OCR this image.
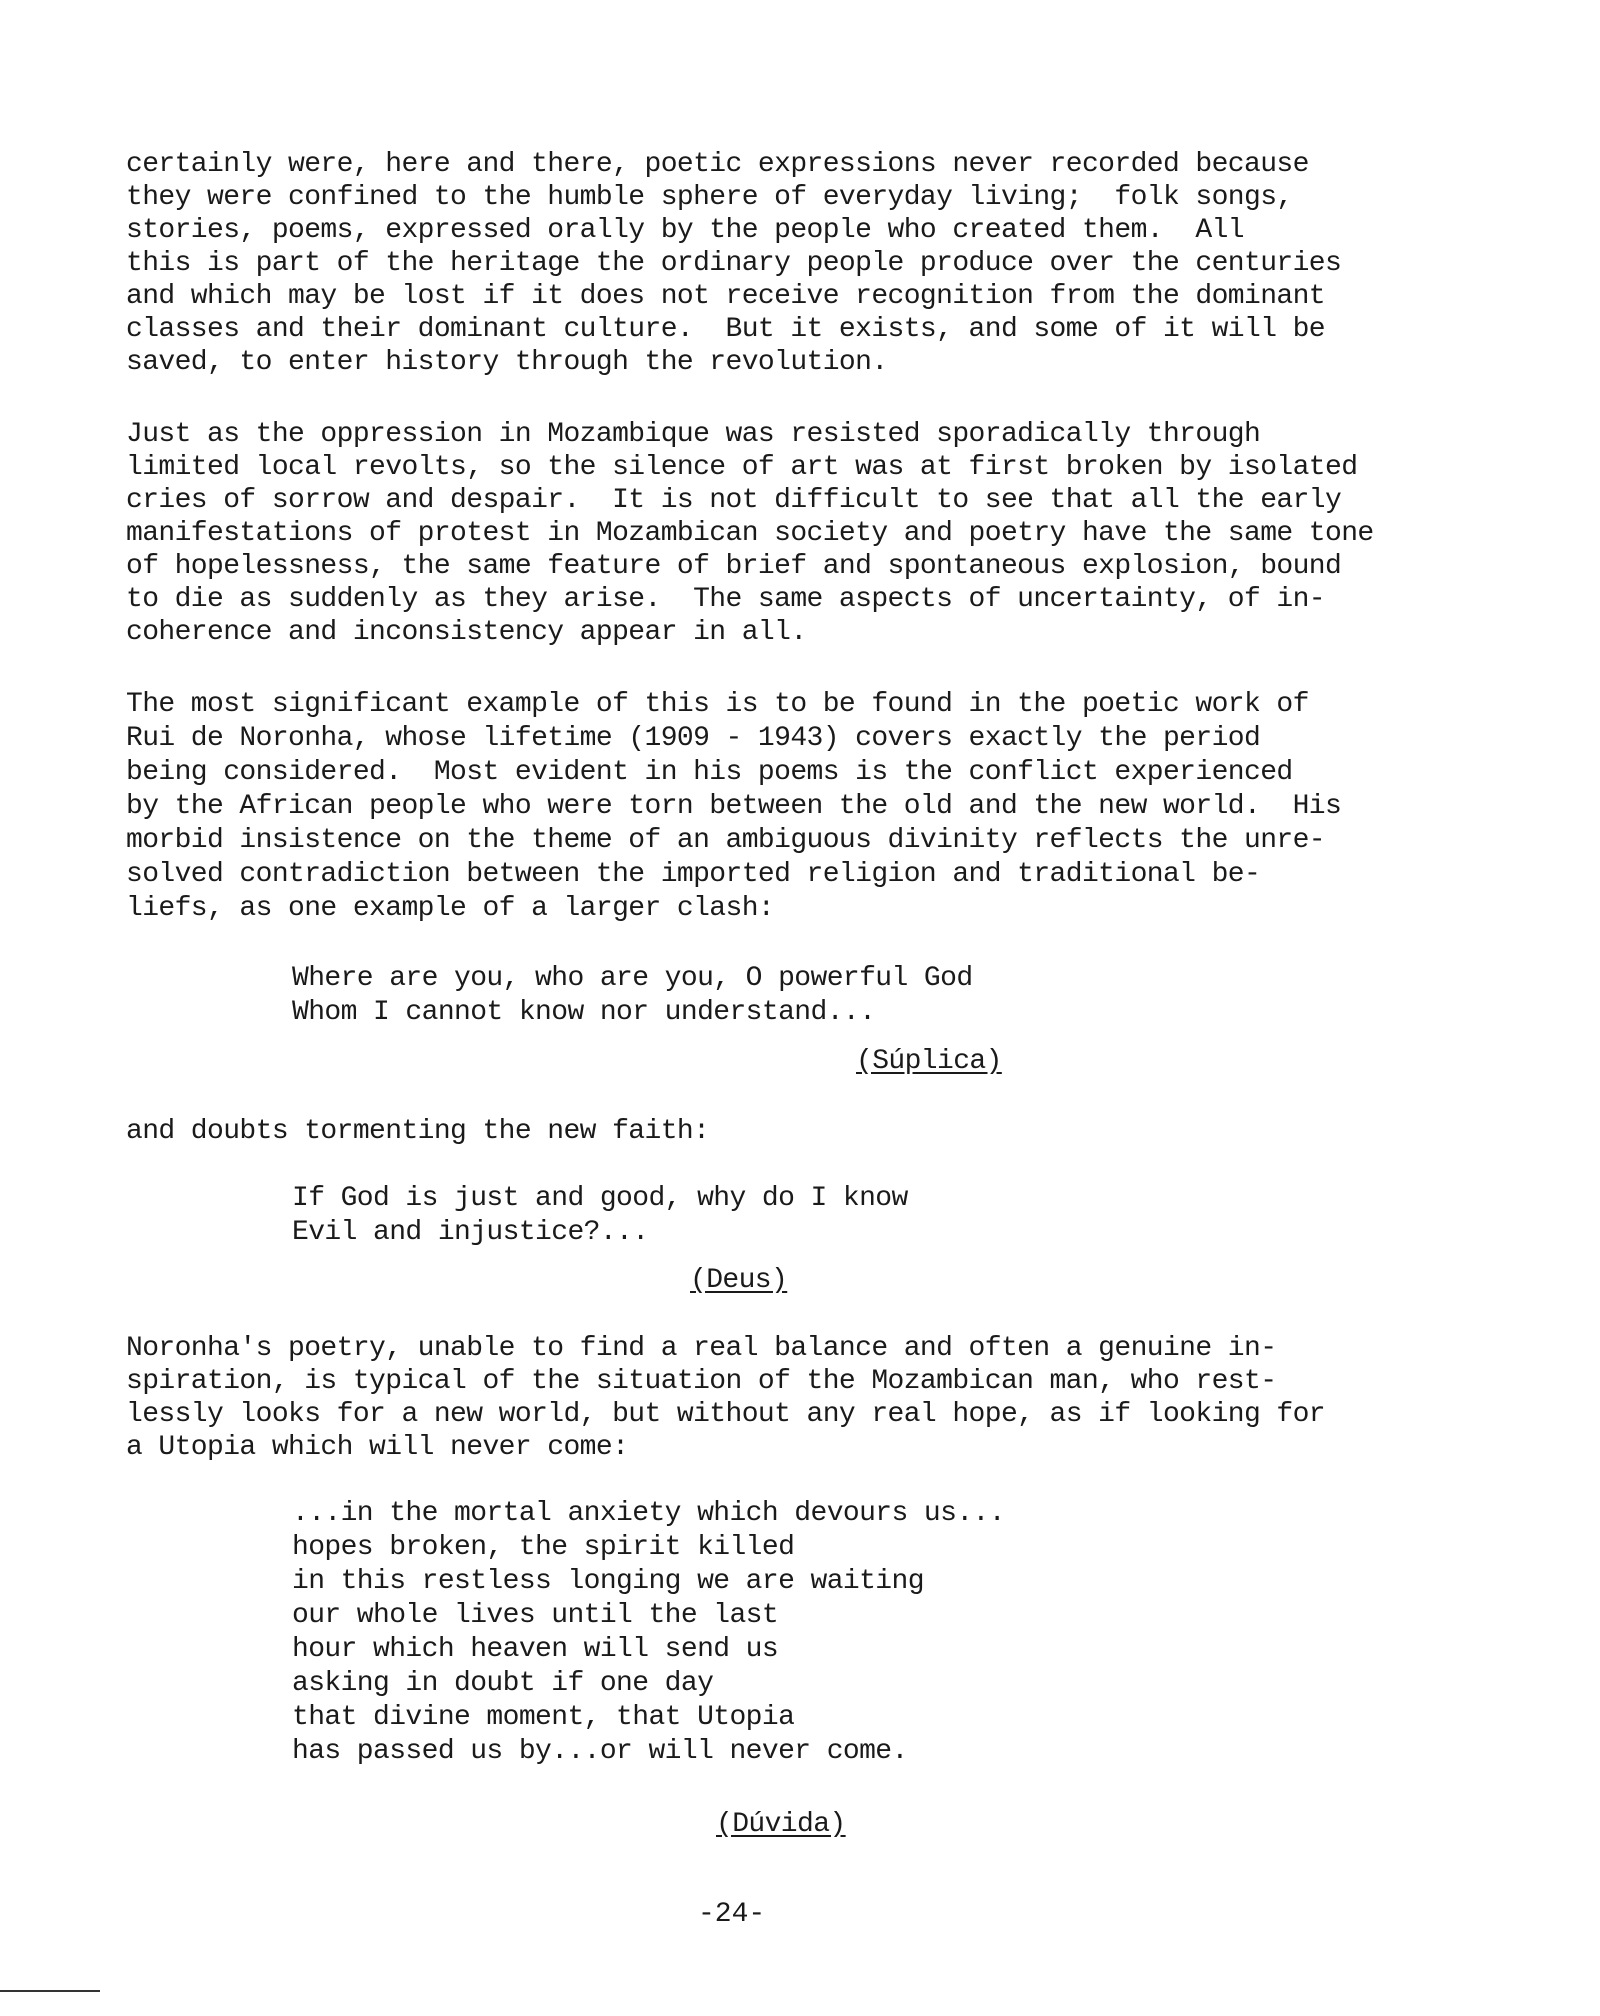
certainly were, here and there, poetic expressions never recorded because
they were confined to the humble sphere of everyday living;  folk songs,
stories, poems, expressed orally by the people who created them.  All
this is part of the heritage the ordinary people produce over the centuries
and which may be lost if it does not receive recognition from the dominant
classes and their dominant culture.  But it exists, and some of it will be
saved, to enter history through the revolution.
Just as the oppression in Mozambique was resisted sporadically through
limited local revolts, so the silence of art was at first broken by isolated
cries of sorrow and despair.  It is not difficult to see that all the early
manifestations of protest in Mozambican society and poetry have the same tone
of hopelessness, the same feature of brief and spontaneous explosion, bound
to die as suddenly as they arise.  The same aspects of uncertainty, of in-
coherence and inconsistency appear in all.
The most significant example of this is to be found in the poetic work of
Rui de Noronha, whose lifetime (1909 - 1943) covers exactly the period
being considered.  Most evident in his poems is the conflict experienced
by the African people who were torn between the old and the new world.  His
morbid insistence on the theme of an ambiguous divinity reflects the unre-
solved contradiction between the imported religion and traditional be-
liefs, as one example of a larger clash:
Where are you, who are you, O powerful God
Whom I cannot know nor understand...
(Súplica)
and doubts tormenting the new faith:
If God is just and good, why do I know
Evil and injustice?...
(Deus)
Noronha's poetry, unable to find a real balance and often a genuine in-
spiration, is typical of the situation of the Mozambican man, who rest-
lessly looks for a new world, but without any real hope, as if looking for
a Utopia which will never come:
...in the mortal anxiety which devours us...
hopes broken, the spirit killed
in this restless longing we are waiting
our whole lives until the last
hour which heaven will send us
asking in doubt if one day
that divine moment, that Utopia
has passed us by...or will never come.
(Dúvida)
-24-
